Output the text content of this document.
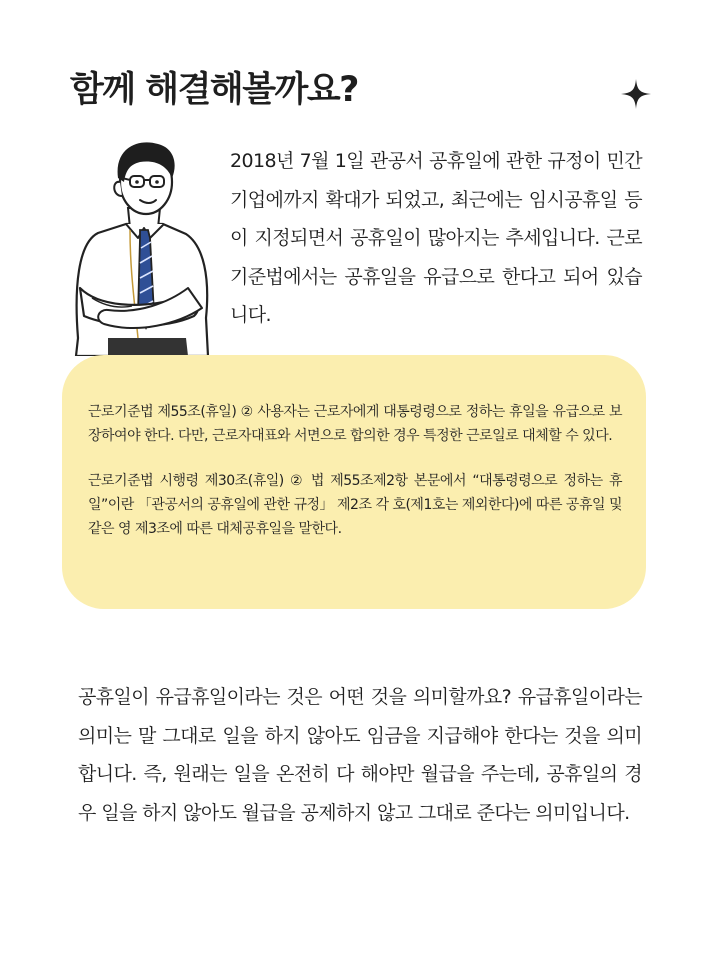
함께 해결해볼까요?

2018년 7월 1일 관공서 공휴일에 관한 규정이 민간기업에까지 확대가 되었고, 최근에는 임시공휴일 등이 지정되면서 공휴일이 많아지는 추세입니다. 근로기준법에서는 공휴일을 유급으로 한다고 되어 있습니다.

근로기준법 제55조(휴일) ② 사용자는 근로자에게 대통령령으로 정하는 휴일을 유급으로 보장하여야 한다. 다만, 근로자대표와 서면으로 합의한 경우 특정한 근로일로 대체할 수 있다.

근로기준법 시행령 제30조(휴일) ② 법 제55조제2항 본문에서 “대통령령으로 정하는 휴일”이란 「관공서의 공휴일에 관한 규정」 제2조 각 호(제1호는 제외한다)에 따른 공휴일 및 같은 영 제3조에 따른 대체공휴일을 말한다.

공휴일이 유급휴일이라는 것은 어떤 것을 의미할까요? 유급휴일이라는 의미는 말 그대로 일을 하지 않아도 임금을 지급해야 한다는 것을 의미합니다. 즉, 원래는 일을 온전히 다 해야만 월급을 주는데, 공휴일의 경우 일을 하지 않아도 월급을 공제하지 않고 그대로 준다는 의미입니다.
